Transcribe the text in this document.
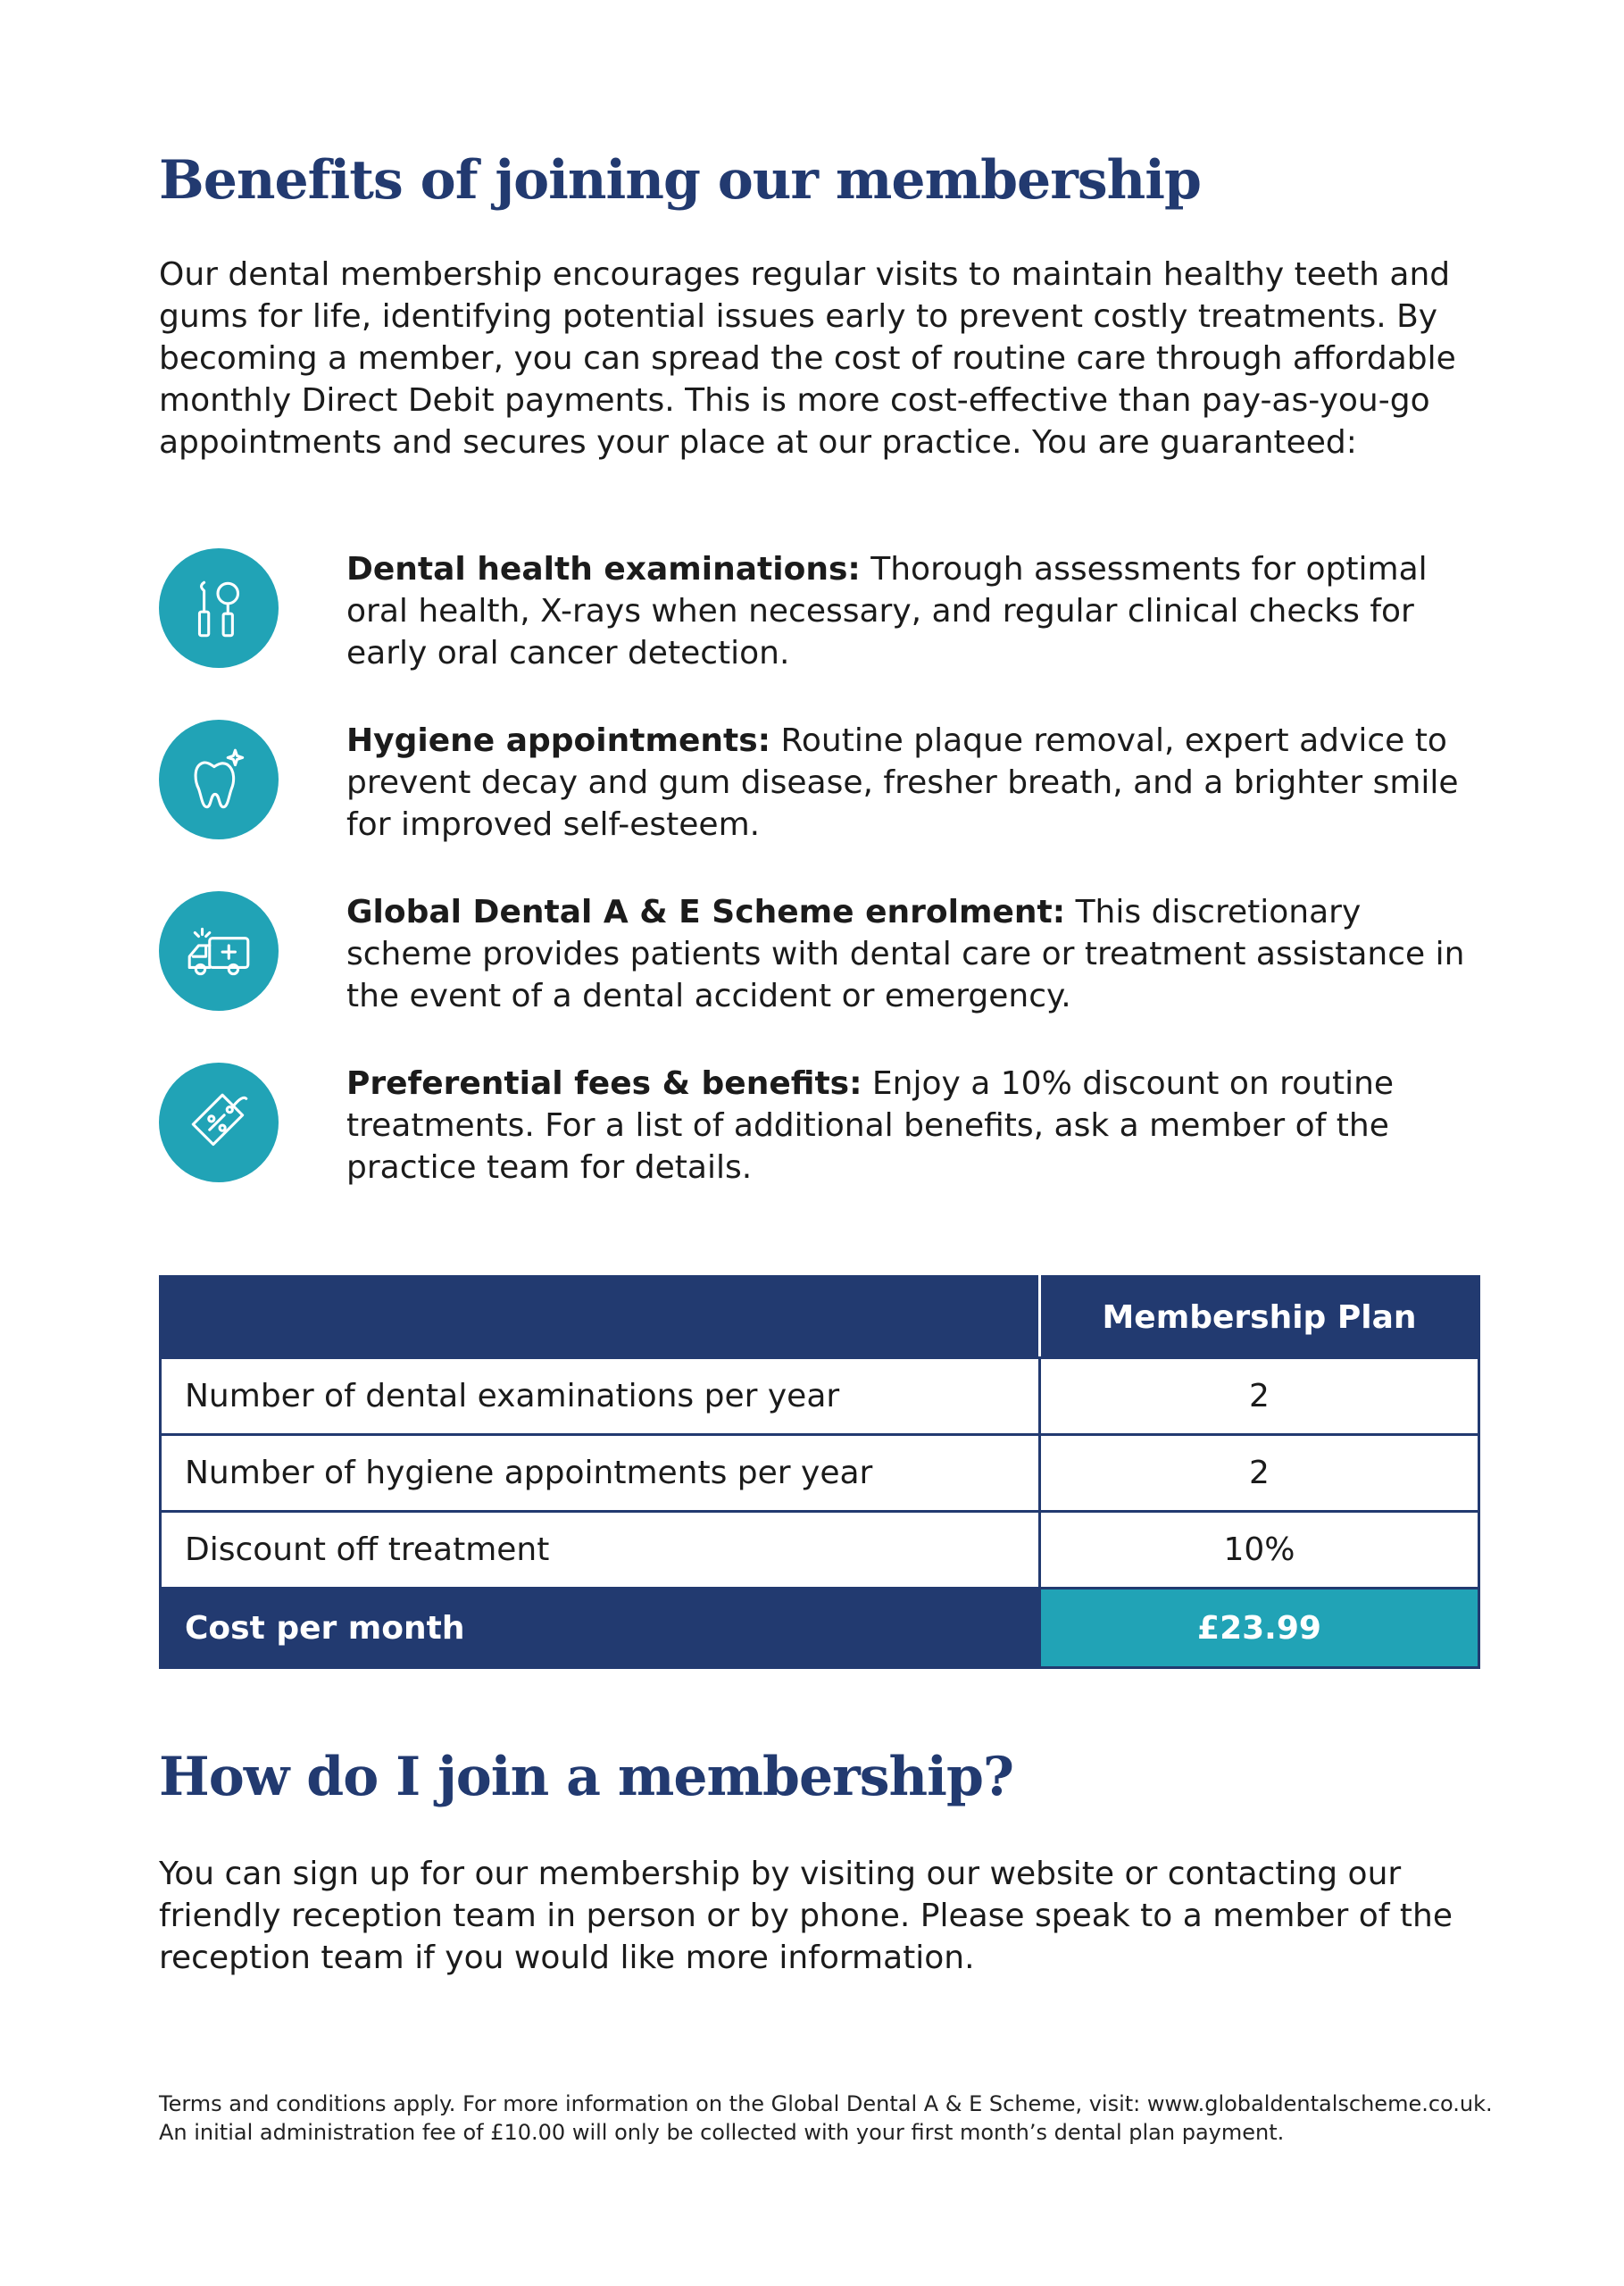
Benefits of joining our membership

Our dental membership encourages regular visits to maintain healthy teeth and gums for life, identifying potential issues early to prevent costly treatments. By becoming a member, you can spread the cost of routine care through affordable monthly Direct Debit payments. This is more cost-effective than pay-as-you-go appointments and secures your place at our practice. You are guaranteed:

Dental health examinations: Thorough assessments for optimal oral health, X-rays when necessary, and regular clinical checks for early oral cancer detection.

Hygiene appointments: Routine plaque removal, expert advice to prevent decay and gum disease, fresher breath, and a brighter smile for improved self-esteem.

Global Dental A & E Scheme enrolment: This discretionary scheme provides patients with dental care or treatment assistance in the event of a dental accident or emergency.

Preferential fees & benefits: Enjoy a 10% discount on routine treatments. For a list of additional benefits, ask a member of the practice team for details.

	Membership Plan
Number of dental examinations per year	2
Number of hygiene appointments per year	2
Discount off treatment	10%
Cost per month	£23.99
How do I join a membership?

You can sign up for our membership by visiting our website or contacting our friendly reception team in person or by phone. Please speak to a member of the reception team if you would like more information.

Terms and conditions apply. For more information on the Global Dental A & E Scheme, visit: www.globaldentalscheme.co.uk.
An initial administration fee of £10.00 will only be collected with your first month’s dental plan payment.
